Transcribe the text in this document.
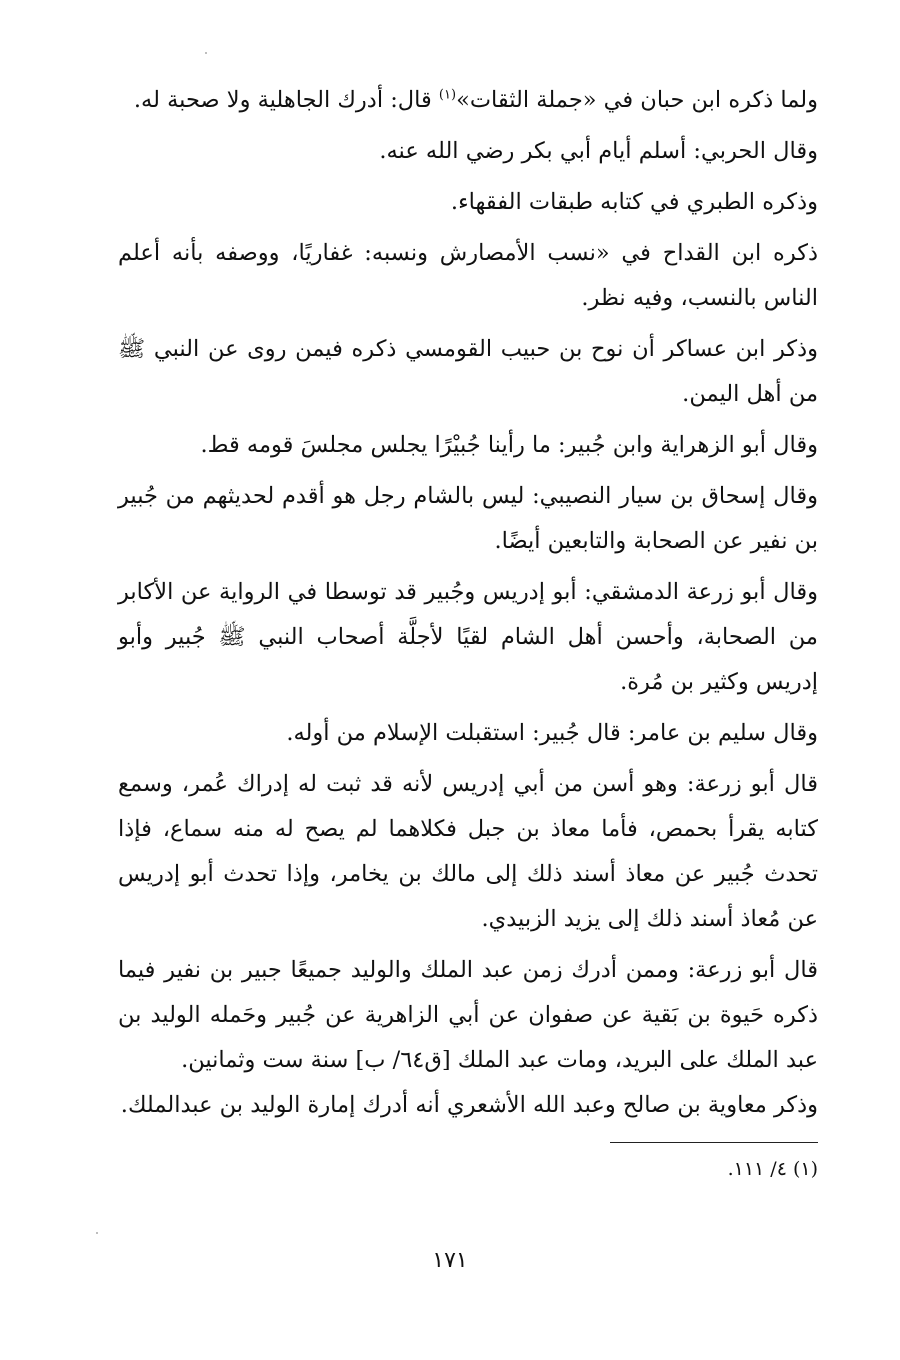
ولما ذكره ابن حبان في «جملة الثقات»$^{(١)}$ قال: أدرك الجاهلية ولا صحبة له.

وقال الحربي: أسلم أيام أبي بكر رضي الله عنه.

وذكره الطبري في كتابه طبقات الفقهاء.

ذكره ابن القداح في «نسب الأمصارش ونسبه: غفاريًا، ووصفه بأنه أعلم الناس بالنسب، وفيه نظر.

وذكر ابن عساكر أن نوح بن حبيب القومسي ذكره فيمن روى عن النبي ﷺ من أهل اليمن.

وقال أبو الزهراية وابن جُبير: ما رأينا جُبيْرًا يجلس مجلسَ قومه قط.

وقال إسحاق بن سيار النصيبي: ليس بالشام رجل هو أقدم لحديثهم من جُبير بن نفير عن الصحابة والتابعين أيضًا.

وقال أبو زرعة الدمشقي: أبو إدريس وجُبير قد توسطا في الرواية عن الأكابر من الصحابة، وأحسن أهل الشام لقيًا لأجلَّة أصحاب النبي ﷺ جُبير وأبو إدريس وكثير بن مُرة.

وقال سليم بن عامر: قال جُبير: استقبلت الإسلام من أوله.

قال أبو زرعة: وهو أسن من أبي إدريس لأنه قد ثبت له إدراك عُمر، وسمع كتابه يقرأ بحمص، فأما معاذ بن جبل فكلاهما لم يصح له منه سماع، فإذا تحدث جُبير عن معاذ أسند ذلك إلى مالك بن يخامر، وإذا تحدث أبو إدريس عن مُعاذ أسند ذلك إلى يزيد الزبيدي.

قال أبو زرعة: وممن أدرك زمن عبد الملك والوليد جميعًا جبير بن نفير فيما ذكره حَيوة بن بَقية عن صفوان عن أبي الزاهرية عن جُبير وحَمله الوليد بن عبد الملك على البريد، ومات عبد الملك [ق٦٤/ ب] سنة ست وثمانين.

وذكر معاوية بن صالح وعبد الله الأشعري أنه أدرك إمارة الوليد بن عبدالملك.

(١) ٤/ ١١١.

١٧١
